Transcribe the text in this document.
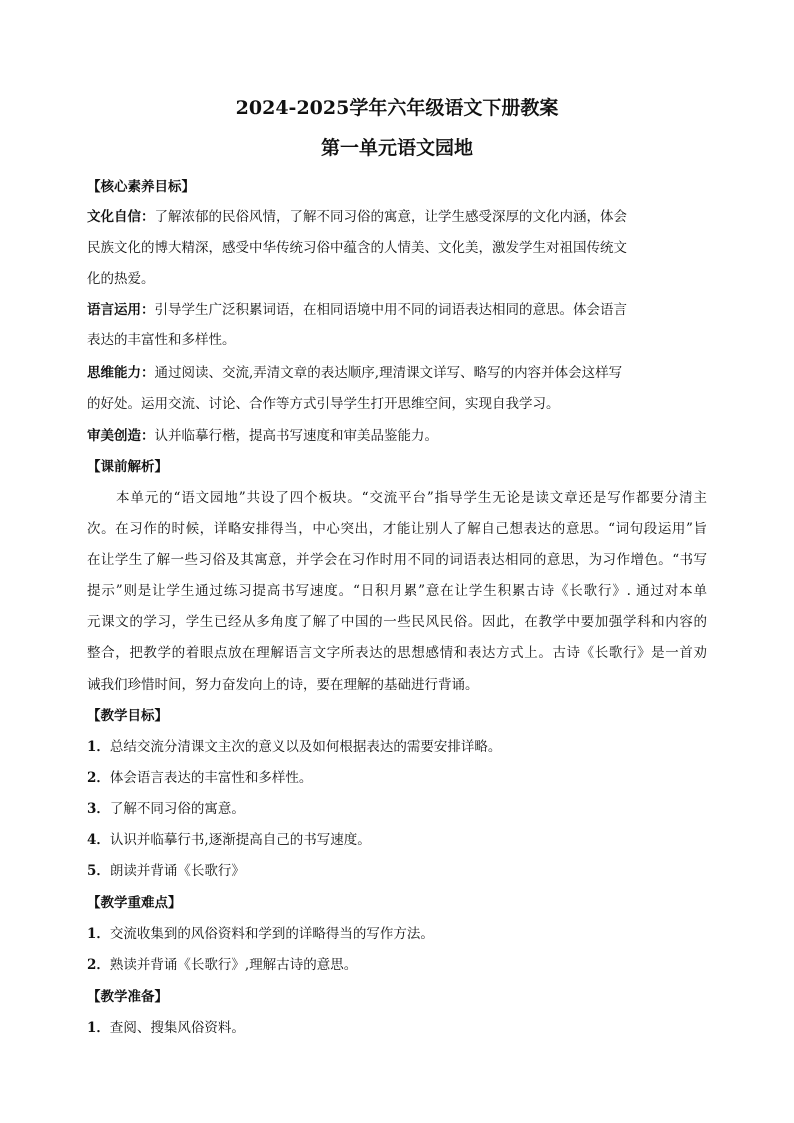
2024-2025学年六年级语文下册教案
第一单元语文园地
【核心素养目标】
文化自信：了解浓郁的民俗风情，了解不同习俗的寓意，让学生感受深厚的文化内涵，体会
民族文化的博大精深，感受中华传统习俗中蕴含的人情美、文化美，激发学生对祖国传统文
化的热爱。
语言运用：引导学生广泛积累词语，在相同语境中用不同的词语表达相同的意思。体会语言
表达的丰富性和多样性。
思维能力：通过阅读、交流,弄清文章的表达顺序,理清课文详写、略写的内容并体会这样写
的好处。运用交流、讨论、合作等方式引导学生打开思维空间，实现自我学习。
审美创造：认并临摹行楷，提高书写速度和审美品鉴能力。
【课前解析】
本单元的“语文园地”共设了四个板块。“交流平台”指导学生无论是读文章还是写作都要分清主
次。在习作的时候，详略安排得当，中心突出，才能让别人了解自己想表达的意思。“词句段运用”旨
在让学生了解一些习俗及其寓意，并学会在习作时用不同的词语表达相同的意思，为习作增色。“书写
提示”则是让学生通过练习提高书写速度。“日积月累”意在让学生积累古诗《长歌行》. 通过对本单
元课文的学习，学生已经从多角度了解了中国的一些民风民俗。因此，在教学中要加强学科和内容的
整合，把教学的着眼点放在理解语言文字所表达的思想感情和表达方式上。古诗《长歌行》是一首劝
诫我们珍惜时间，努力奋发向上的诗，要在理解的基础进行背诵。
【教学目标】
1．总结交流分清课文主次的意义以及如何根据表达的需要安排详略。
2．体会语言表达的丰富性和多样性。
3．了解不同习俗的寓意。
4．认识并临摹行书,逐渐提高自己的书写速度。
5．朗读并背诵《长歌行》
【教学重难点】
1．交流收集到的风俗资料和学到的详略得当的写作方法。
2．熟读并背诵《长歌行》,理解古诗的意思。
【教学准备】
1．查阅、搜集风俗资料。
